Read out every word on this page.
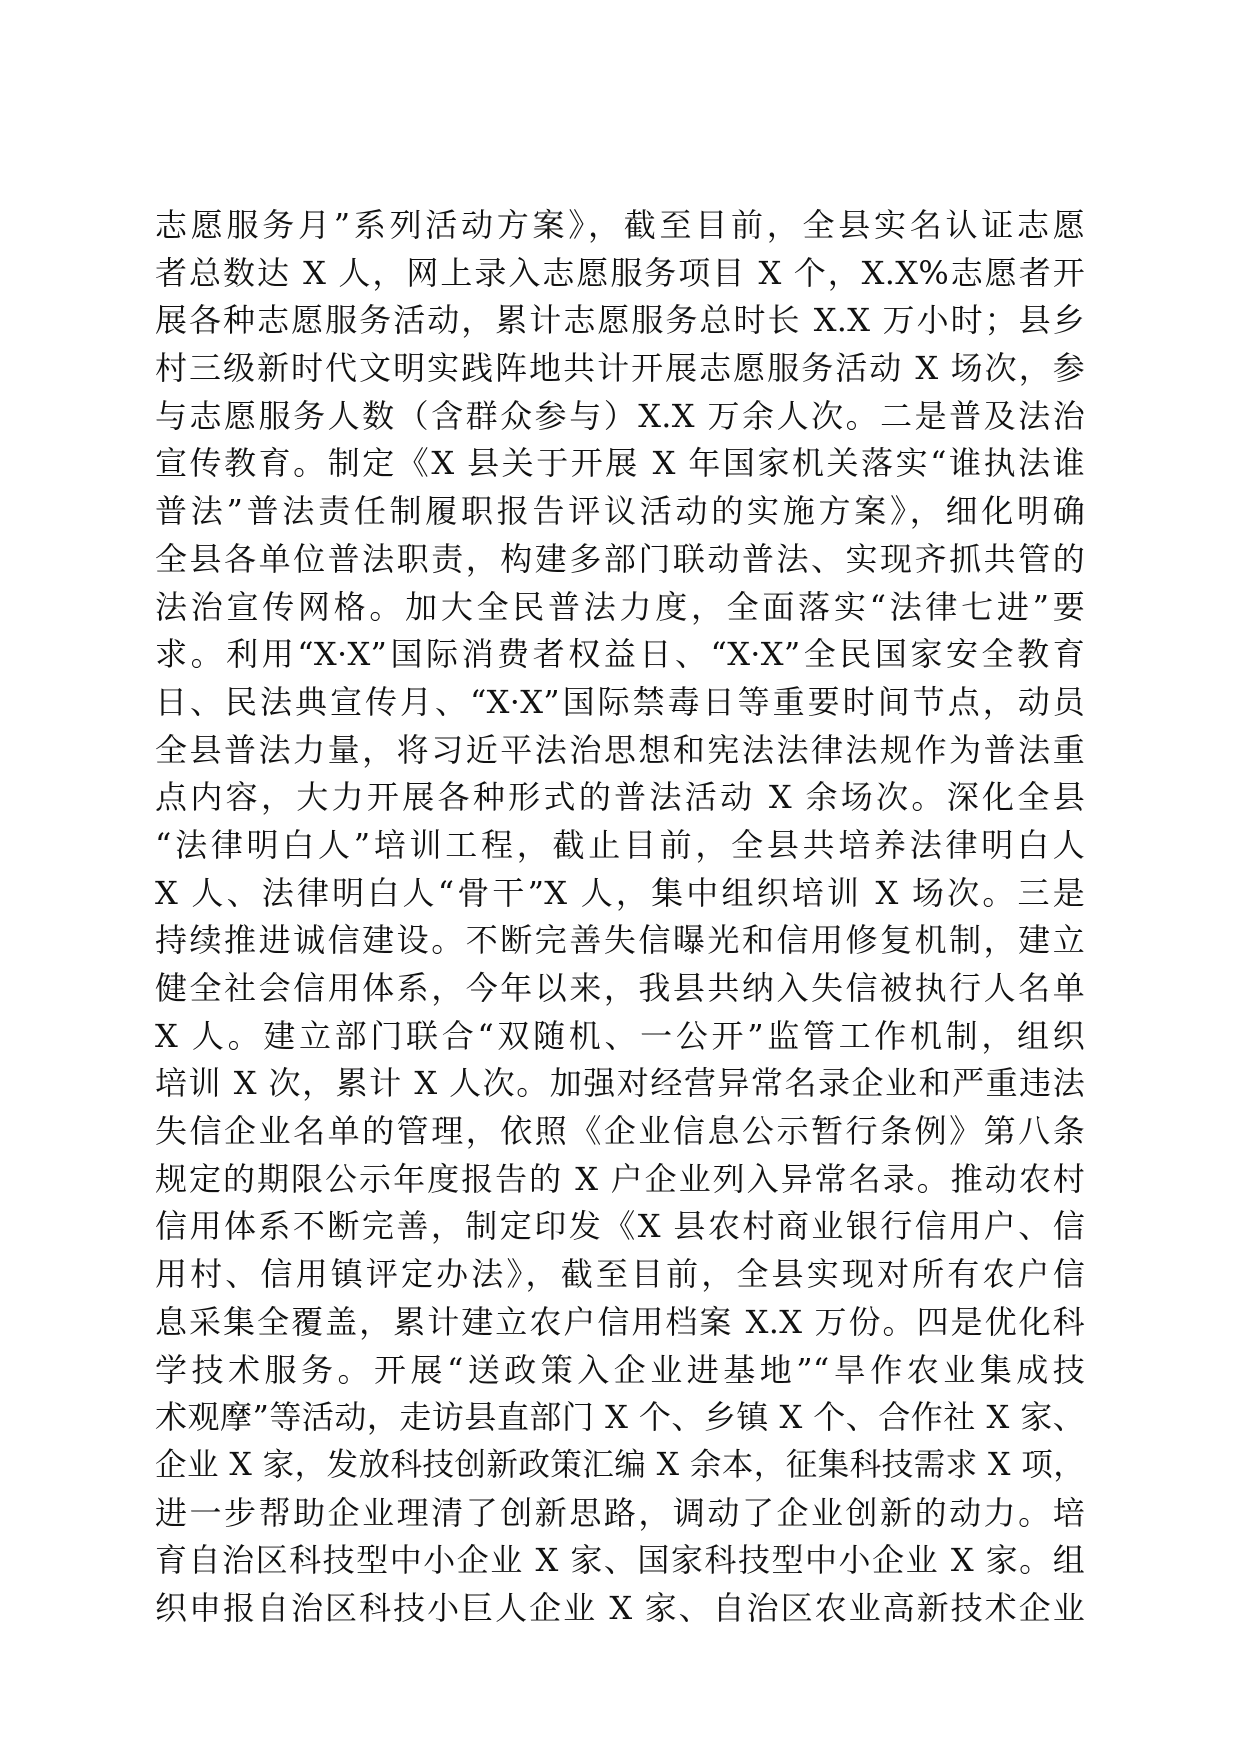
志愿服务月”系列活动方案》，截至目前，全县实名认证志愿
者总数达 X 人，网上录入志愿服务项目 X 个，X.X%志愿者开
展各种志愿服务活动，累计志愿服务总时长 X.X 万小时；县乡
村三级新时代文明实践阵地共计开展志愿服务活动 X 场次，参
与志愿服务人数（含群众参与）X.X 万余人次。二是普及法治
宣传教育。制定《X 县关于开展 X 年国家机关落实“谁执法谁
普法”普法责任制履职报告评议活动的实施方案》，细化明确
全县各单位普法职责，构建多部门联动普法、实现齐抓共管的
法治宣传网格。加大全民普法力度，全面落实“法律七进”要
求。利用“X·X”国际消费者权益日、“X·X”全民国家安全教育
日、民法典宣传月、“X·X”国际禁毒日等重要时间节点，动员
全县普法力量，将习近平法治思想和宪法法律法规作为普法重
点内容，大力开展各种形式的普法活动 X 余场次。深化全县
“法律明白人”培训工程，截止目前，全县共培养法律明白人
X 人、法律明白人“骨干”X 人，集中组织培训 X 场次。三是
持续推进诚信建设。不断完善失信曝光和信用修复机制，建立
健全社会信用体系，今年以来，我县共纳入失信被执行人名单
X 人。建立部门联合“双随机、一公开”监管工作机制，组织
培训 X 次，累计 X 人次。加强对经营异常名录企业和严重违法
失信企业名单的管理，依照《企业信息公示暂行条例》第八条
规定的期限公示年度报告的 X 户企业列入异常名录。推动农村
信用体系不断完善，制定印发《X 县农村商业银行信用户、信
用村、信用镇评定办法》，截至目前，全县实现对所有农户信
息采集全覆盖，累计建立农户信用档案 X.X 万份。四是优化科
学技术服务。开展“送政策入企业进基地”“旱作农业集成技
术观摩”等活动，走访县直部门 X 个、乡镇 X 个、合作社 X 家、
企业 X 家，发放科技创新政策汇编 X 余本，征集科技需求 X 项，
进一步帮助企业理清了创新思路，调动了企业创新的动力。培
育自治区科技型中小企业 X 家、国家科技型中小企业 X 家。组
织申报自治区科技小巨人企业 X 家、自治区农业高新技术企业
